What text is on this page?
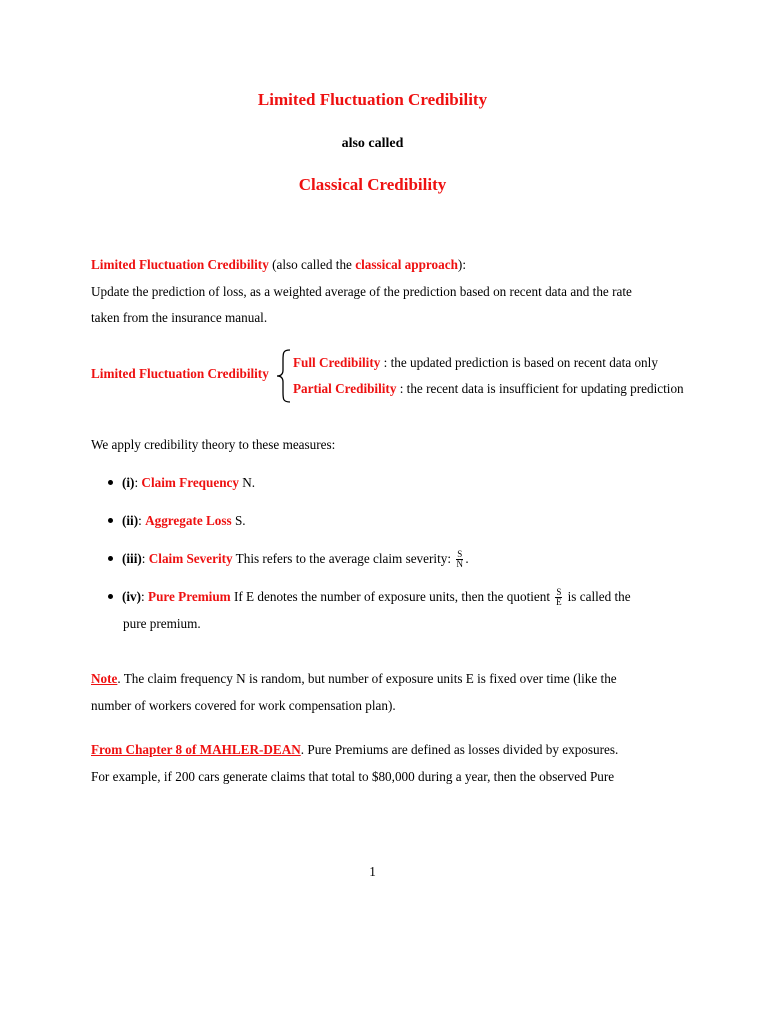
Limited Fluctuation Credibility
also called
Classical Credibility
Limited Fluctuation Credibility (also called the classical approach):
Update the prediction of loss, as a weighted average of the prediction based on recent data and the rate
taken from the insurance manual.
Limited Fluctuation Credibility
Full Credibility : the updated prediction is based on recent data only
Partial Credibility : the recent data is insufficient for updating prediction
We apply credibility theory to these measures:
(i): Claim Frequency N.
(ii): Aggregate Loss S.
(iii): Claim Severity This refers to the average claim severity: $\frac{S}{N}$ .
(iv): Pure Premium If E denotes the number of exposure units, then the quotient $\frac{S}{E}$ is called the
pure premium.
Note. The claim frequency N is random, but number of exposure units E is fixed over time (like the
number of workers covered for work compensation plan).
From Chapter 8 of MAHLER-DEAN. Pure Premiums are defined as losses divided by exposures.
For example, if 200 cars generate claims that total to $80,000 during a year, then the observed Pure
1
